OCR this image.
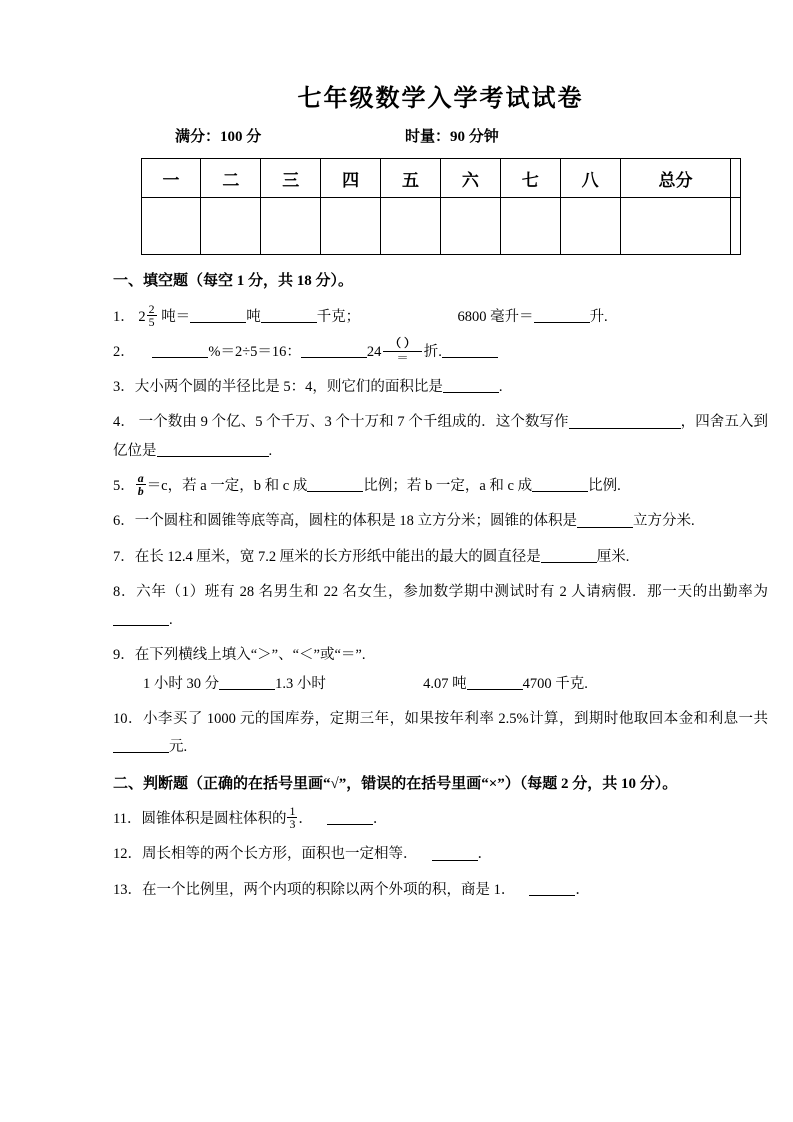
七年级数学入学考试试卷
满分：100 分	时量：90 分钟
一	二	三	四	五	六	七	八	总分	

一、填空题（每空 1 分，共 18 分）。
1． $2 \frac{2}{5}$ 吨＝	吨	千克；	6800 毫升＝	升.
2．	%＝2÷5＝16：	24
（ ）
＝	折.
3．大小两个圆的半径比是 5：4，则它们的面积比是	.
4． 一个数由 9 个亿、5 个千万、3 个十万和 7 个千组成的．这个数写作	，四舍五入到亿位是	.
5． $\frac{a}{b} =c$，若 a 一定，b 和 c 成	比例；若 b 一定，a 和 c 成	比例.
6．一个圆柱和圆锥等底等高，圆柱的体积是 18 立方分米；圆锥的体积是	立方分米.
7．在长 12.4 厘米，宽 7.2 厘米的长方形纸中能出的最大的圆直径是	厘米.
8．六年（1）班有 28 名男生和 22 名女生，参加数学期中测试时有 2 人请病假．那一天的出勤率为.
9．在下列横线上填入“＞”、“＜”或“＝”.
1 小时 30 分	1.3 小时	4.07 吨	4700 千克.
10．小李买了 1000 元的国库券，定期三年，如果按年利率 2.5%计算，到期时他取回本金和利息一共元.
二、判断题（正确的在括号里画“√”，错误的在括号里画“×”）（每题 2 分，共 10 分）。
11．圆锥体积是圆柱体积的 $\frac{1}{3}$ ．	．
12．周长相等的两个长方形，面积也一定相等．	．
13．在一个比例里，两个内项的积除以两个外项的积，商是 1．	．
